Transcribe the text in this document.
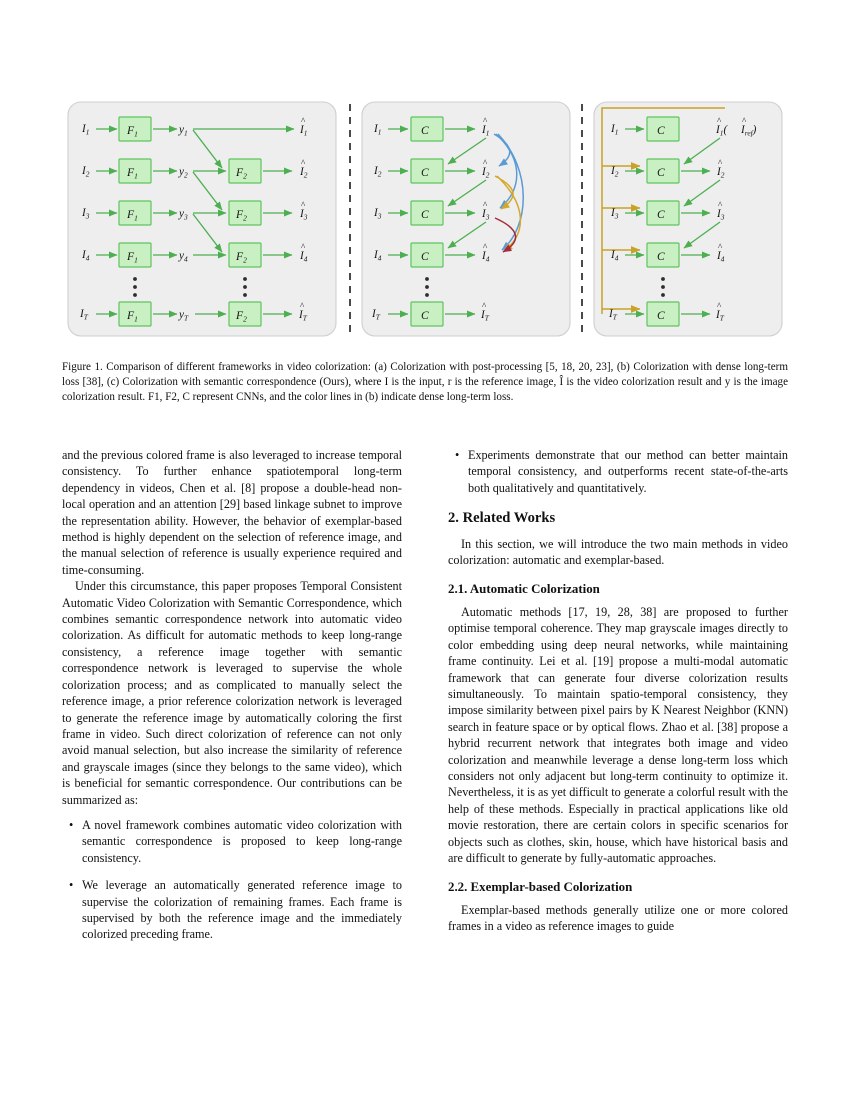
$I_1$	$F_1$	$y_1$
^
$I_1$
$I_2$	$F_1$	$y_2$	$F_2$
^
$I_2$
$I_3$	$F_1$	$y_3$	$F_2$
^
$I_3$
$I_4$	$F_1$	$y_4$	$F_2$
^
$I_4$
$I_T$	$F_1$	$y_T$	$F_2$
^
$I_T$
$I_1$	C
^
$I_1$
$I_2$	C
^
$I_2$
$I_3$	C
^
$I_3$
$I_4$	C
^
$I_4$
$I_T$	C
^
$I_T$
$I_1$	C
^
$I_1$(
^
$I_{ref}$)
$I_2$	C
^
$I_2$
$I_3$	C
^
$I_3$
$I_4$	C
^
$I_4$
$I_T$	C
^
$I_T$
Figure 1. Comparison of different frameworks in video colorization: (a) Colorization with post-processing [5, 18, 20, 23], (b) Colorization with dense long-term loss [38], (c) Colorization with semantic correspondence (Ours), where I is the input, r is the reference image, Î is the video colorization result and y is the image colorization result. F1, F2, C represent CNNs, and the color lines in (b) indicate dense long-term loss.

and the previous colored frame is also leveraged to increase temporal consistency. To further enhance spatiotemporal long-term dependency in videos, Chen et al. [8] propose a double-head non-local operation and an attention [29] based linkage subnet to improve the representation ability. However, the behavior of exemplar-based method is highly dependent on the selection of reference image, and the manual selection of reference is usually experience required and time-consuming.

Under this circumstance, this paper proposes Temporal Consistent Automatic Video Colorization with Semantic Correspondence, which combines semantic correspondence network into automatic video colorization. As difficult for automatic methods to keep long-range consistency, a reference image together with semantic correspondence network is leveraged to supervise the whole colorization process; and as complicated to manually select the reference image, a prior reference colorization network is leveraged to generate the reference image by automatically coloring the first frame in video. Such direct colorization of reference can not only avoid manual selection, but also increase the similarity of reference and grayscale images (since they belongs to the same video), which is beneficial for semantic correspondence. Our contributions can be summarized as:

• A novel framework combines automatic video colorization with semantic correspondence is proposed to keep long-range consistency.
• We leverage an automatically generated reference image to supervise the colorization of remaining frames. Each frame is supervised by both the reference image and the immediately colorized preceding frame.
• Experiments demonstrate that our method can better maintain temporal consistency, and outperforms recent state-of-the-arts both qualitatively and quantitatively.
2. Related Works

In this section, we will introduce the two main methods in video colorization: automatic and exemplar-based.

2.1. Automatic Colorization

Automatic methods [17, 19, 28, 38] are proposed to further optimise temporal coherence. They map grayscale images directly to color embedding using deep neural networks, while maintaining frame continuity. Lei et al. [19] propose a multi-modal automatic framework that can generate four diverse colorization results simultaneously. To maintain spatio-temporal consistency, they impose similarity between pixel pairs by K Nearest Neighbor (KNN) search in feature space or by optical flows. Zhao et al. [38] propose a hybrid recurrent network that integrates both image and video colorization and meanwhile leverage a dense long-term loss which considers not only adjacent but long-term continuity to optimize it. Nevertheless, it is as yet difficult to generate a colorful result with the help of these methods. Especially in practical applications like old movie restoration, there are certain colors in specific scenarios for objects such as clothes, skin, house, which have historical basis and are difficult to generate by fully-automatic approaches.

2.2. Exemplar-based Colorization

Exemplar-based methods generally utilize one or more colored frames in a video as reference images to guide
